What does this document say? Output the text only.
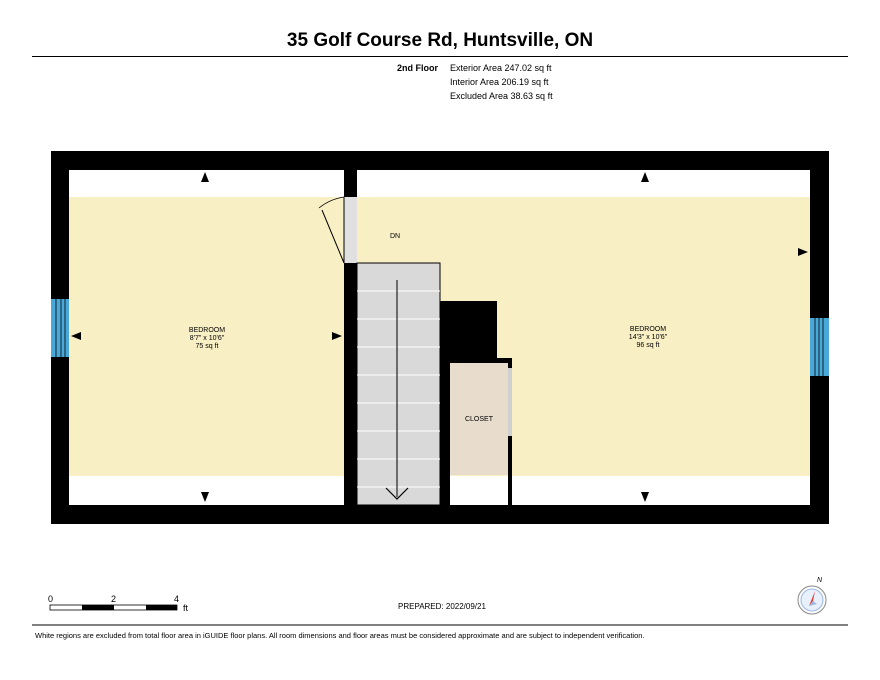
35 Golf Course Rd, Huntsville, ON
2nd Floor Exterior Area 247.02 sq ft
Interior Area 206.19 sq ft
Excluded Area 38.63 sq ft
BEDROOM
8'7" x 10'6"
75 sq ft
BEDROOM
14'3" x 10'6"
96 sq ft
CLOSET
DN
0	2	4
ft	PREPARED: 2022/09/21
White regions are excluded from total floor area in iGUIDE floor plans. All room dimensions and floor areas must be considered approximate and are subject to independent verification.
N
